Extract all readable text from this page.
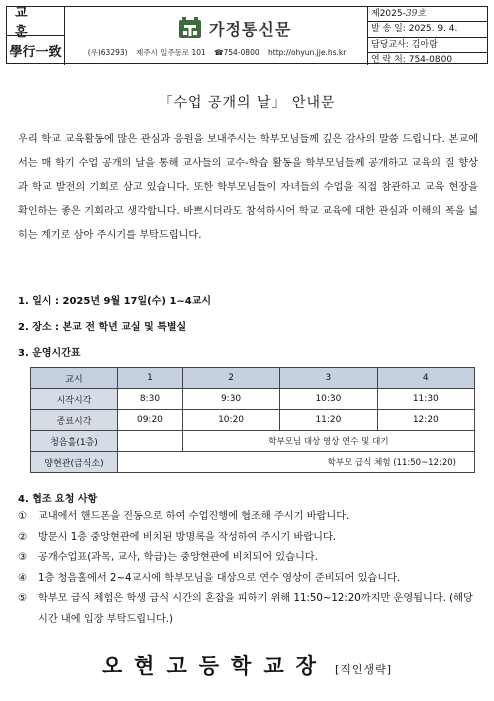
교 훈
學行一致
가정통신문
(우)63293) 제주시 일주동로 101 ☎754-0800 http://ohyun.jje.hs.kr
제2025-39호
발 송 일: 2025. 9. 4.
담당교사: 김아람
연 락 처: 754-0800
「수업 공개의 날」 안내문

우리 학교 교육활동에 많은 관심과 응원을 보내주시는 학부모님들께 깊은 감사의 말씀 드립니다. 본교에서는 매 학기 수업 공개의 날을 통해 교사들의 교수-학습 활동을 학부모님들께 공개하고 교육의 질 향상과 학교 발전의 기회로 삼고 있습니다. 또한 학부모님들이 자녀들의 수업을 직접 참관하고 교육 현장을 확인하는 좋은 기회라고 생각합니다. 바쁘시더라도 참석하시어 학교 교육에 대한 관심과 이해의 폭을 넓히는 계기로 삼아 주시기를 부탁드립니다.

1. 일시 : 2025년 9월 17일(수) 1~4교시

2. 장소 : 본교 전 학년 교실 및 특별실

3. 운영시간표

교시	1	2	3	4
시작시각	8:30	9:30	10:30	11:30
종료시각	09:20	10:20	11:20	12:20
청음홀(1층)		학부모님 대상 영상 연수 및 대기		
양현관(급식소)	학부모 급식 체험 (11:50~12:20)			

4. 협조 요청 사항

①	교내에서 핸드폰을 진동으로 하여 수업진행에 협조해 주시기 바랍니다.
②	방문시 1층 중앙현관에 비치된 방명록을 작성하여 주시기 바랍니다.
③	공개수업표(과목, 교사, 학급)는 중앙현관에 비치되어 있습니다.
④	1층 청음홀에서 2~4교시에 학부모님을 대상으로 연수 영상이 준비되어 있습니다.
⑤	학부모 급식 체험은 학생 급식 시간의 혼잡을 피하기 위해 11:50~12:20까지만 운영됩니다. (해당 시간 내에 입장 부탁드립니다.)
오현고등학교장 [직인생략]
